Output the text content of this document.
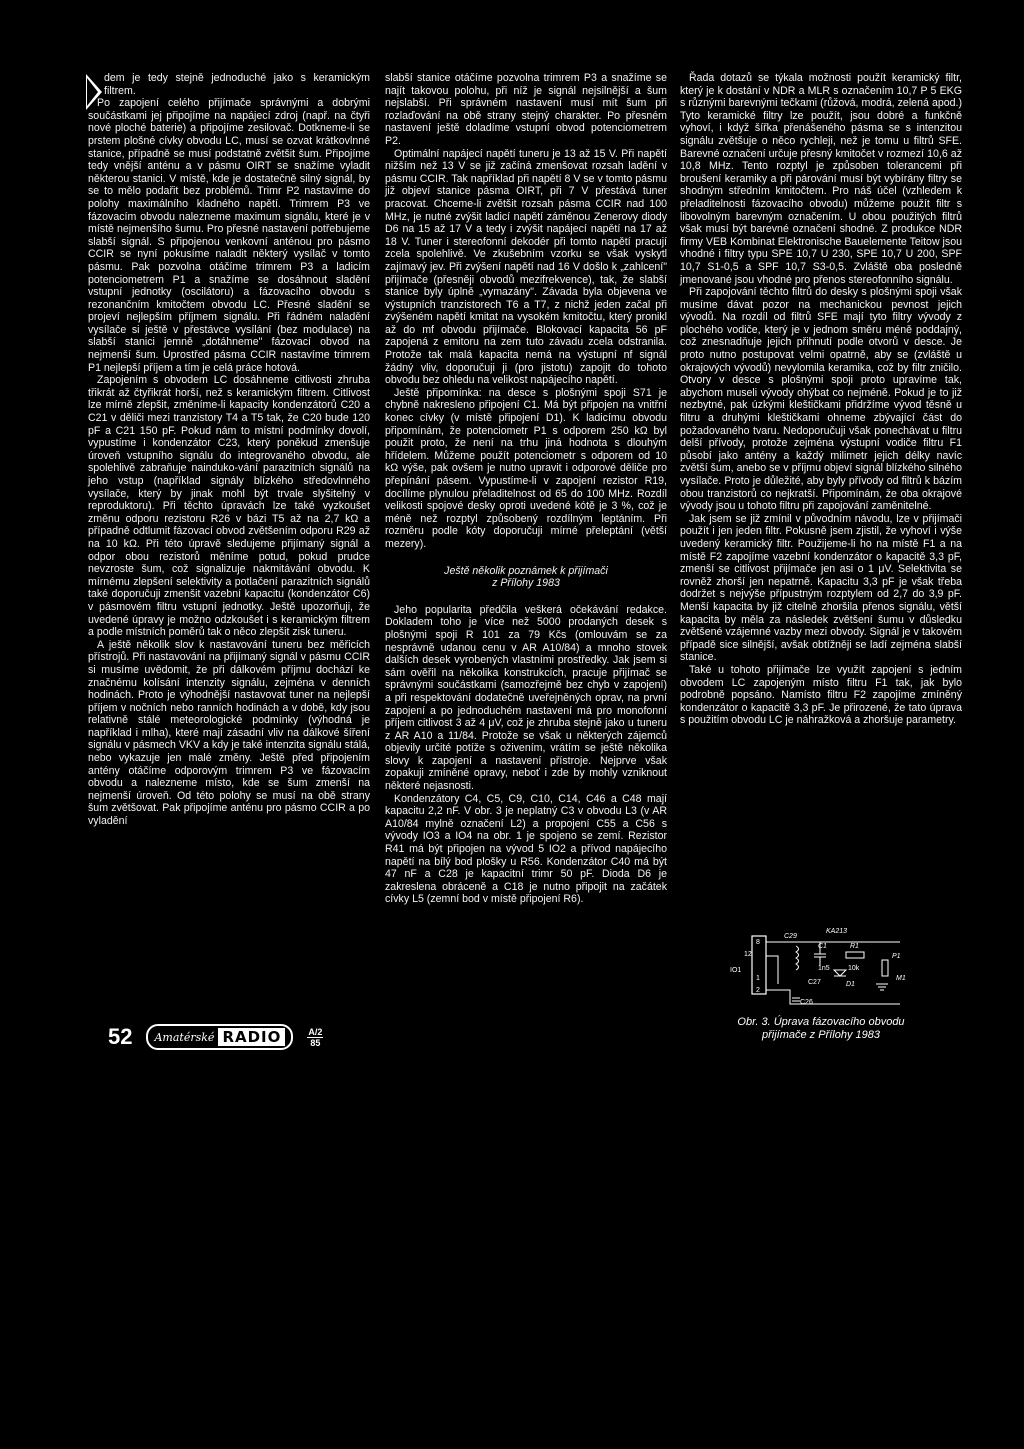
dem je tedy stejně jednoduché jako s keramickým filtrem.

Po zapojení celého přijímače správnými a dobrými součástkami jej připojíme na napájecí zdroj (např. na čtyři nové ploché baterie) a připojíme zesilovač. Dotkneme-li se prstem plošné cívky obvodu LC, musí se ozvat krátkovlnné stanice, případně se musí podstatně zvětšit šum. Připojíme tedy vnější anténu a v pásmu OIRT se snažíme vyladit některou stanici. V místě, kde je dostatečně silný signál, by se to mělo podařit bez problémů. Trimr P2 nastavíme do polohy maximálního kladného napětí. Trimrem P3 ve fázovacím obvodu nalezneme maximum signálu, které je v místě nejmenšího šumu. Pro přesné nastavení potřebujeme slabší signál. S připojenou venkovní anténou pro pásmo CCIR se nyní pokusíme naladit některý vysílač v tomto pásmu. Pak pozvolna otáčíme trimrem P3 a ladicím potenciometrem P1 a snažíme se dosáhnout sladění vstupní jednotky (oscilátoru) a fázovacího obvodu s rezonančním kmitočtem obvodu LC. Přesné sladění se projeví nejlepším příjmem signálu. Při řádném naladění vysílače si ještě v přestávce vysílání (bez modulace) na slabší stanici jemně „dotáhneme" fázovací obvod na nejmenší šum. Uprostřed pásma CCIR nastavíme trimrem P1 nejlepší příjem a tím je celá práce hotová.

Zapojením s obvodem LC dosáhneme citlivosti zhruba třikrát až čtyřikrát horší, než s keramickým filtrem. Citlivost lze mírně zlepšit, změníme-li kapacity kondenzátorů C20 a C21 v děliči mezi tranzistory T4 a T5 tak, že C20 bude 120 pF a C21 150 pF. Pokud nám to místní podmínky dovolí, vypustíme i kondenzátor C23, který poněkud zmenšuje úroveň vstupního signálu do integrovaného obvodu, ale spolehlivě zabraňuje nainduko-vání parazitních signálů na jeho vstup (například signály blízkého středovlnného vysílače, který by jinak mohl být trvale slyšitelný v reproduktoru). Při těchto úpravách lze také vyzkoušet změnu odporu rezistoru R26 v bázi T5 až na 2,7 kΩ a případně odtlumit fázovací obvod zvětšením odporu R29 až na 10 kΩ. Při této úpravě sledujeme přijímaný signál a odpor obou rezistorů měníme potud, pokud prudce nevzroste šum, což signalizuje nakmitávání obvodu. K mírnému zlepšení selektivity a potlačení parazitních signálů také doporučuji zmenšit vazební kapacitu (kondenzátor C6) v pásmovém filtru vstupní jednotky. Ještě upozorňuji, že uvedené úpravy je možno odzkoušet i s keramickým filtrem a podle místních poměrů tak o něco zlepšit zisk tuneru.

A ještě několik slov k nastavování tuneru bez měřicích přístrojů. Při nastavování na přijímaný signál v pásmu CCIR si musíme uvědomit, že při dálkovém příjmu dochází ke značnému kolísání intenzity signálu, zejména v denních hodinách. Proto je výhodnější nastavovat tuner na nejlepší příjem v nočních nebo ranních hodinách a v době, kdy jsou relativně stálé meteorologické podmínky (výhodná je například i mlha), které mají zásadní vliv na dálkové šíření signálu v pásmech VKV a kdy je také intenzita signálu stálá, nebo vykazuje jen malé změny. Ještě před připojením antény otáčíme odporovým trimrem P3 ve fázovacím obvodu a nalezneme místo, kde se šum zmenší na nejmenší úroveň. Od této polohy se musí na obě strany šum zvětšovat. Pak připojíme anténu pro pásmo CCIR a po vyladění

slabší stanice otáčíme pozvolna trimrem P3 a snažíme se najít takovou polohu, při níž je signál nejsilnější a šum nejslabší. Při správném nastavení musí mít šum při rozlaďování na obě strany stejný charakter. Po přesném nastavení ještě doladíme vstupní obvod potenciometrem P2.

Optimální napájecí napětí tuneru je 13 až 15 V. Při napětí nižším než 13 V se již začíná zmenšovat rozsah ladění v pásmu CCIR. Tak například při napětí 8 V se v tomto pásmu již objeví stanice pásma OIRT, při 7 V přestává tuner pracovat. Chceme-li zvětšit rozsah pásma CCIR nad 100 MHz, je nutné zvýšit ladicí napětí záměnou Zenerovy diody D6 na 15 až 17 V a tedy i zvýšit napájecí napětí na 17 až 18 V. Tuner i stereofonní dekodér při tomto napětí pracují zcela spolehlivě. Ve zkušebním vzorku se však vyskytl zajímavý jev. Při zvýšení napětí nad 16 V došlo k „zahlcení" přijímače (přesněji obvodů mezifrekvence), tak, že slabší stanice byly úplně „vymazány". Závada byla objevena ve výstupních tranzistorech T6 a T7, z nichž jeden začal při zvýšeném napětí kmitat na vysokém kmitočtu, který pronikl až do mf obvodu přijímače. Blokovací kapacita 56 pF zapojená z emitoru na zem tuto závadu zcela odstranila. Protože tak malá kapacita nemá na výstupní nf signál žádný vliv, doporučuji ji (pro jistotu) zapojit do tohoto obvodu bez ohledu na velikost napájecího napětí.

Ještě připomínka: na desce s plošnými spoji S71 je chybně nakresleno připojení C1. Má být připojen na vnitřní konec cívky (v místě připojení D1). K ladicímu obvodu připomínám, že potenciometr P1 s odporem 250 kΩ byl použit proto, že není na trhu jiná hodnota s dlouhým hřídelem. Můžeme použít potenciometr s odporem od 10 kΩ výše, pak ovšem je nutno upravit i odporové děliče pro přepínání pásem. Vypustíme-li v zapojení rezistor R19, docílíme plynulou přeladitelnost od 65 do 100 MHz. Rozdíl velikosti spojové desky oproti uvedené kótě je 3 %, což je méně než rozptyl způsobený rozdílným leptáním. Při rozměru podle kóty doporučuji mírné přeleptání (větší mezery).

Ještě několik poznámek k přijímači
z Přílohy 1983

Jeho popularita předčila veškerá očekávání redakce. Dokladem toho je více než 5000 prodaných desek s plošnými spoji R 101 za 79 Kčs (omlouvám se za nesprávně udanou cenu v AR A10/84) a mnoho stovek dalších desek vyrobených vlastními prostředky. Jak jsem si sám ověřil na několika konstrukcích, pracuje přijímač se správnými součástkami (samozřejmě bez chyb v zapojení) a při respektování dodatečně uveřejněných oprav, na první zapojení a po jednoduchém nastavení má pro monofonní příjem citlivost 3 až 4 μV, což je zhruba stejně jako u tuneru z AR A10 a 11/84. Protože se však u některých zájemců objevily určité potíže s oživením, vrátím se ještě několika slovy k zapojení a nastavení přístroje. Nejprve však zopakuji zmíněné opravy, neboť i zde by mohly vzniknout některé nejasnosti.

Kondenzátory C4, C5, C9, C10, C14, C46 a C48 mají kapacitu 2,2 nF. V obr. 3 je neplatný C3 v obvodu L3 (v AR A10/84 mylně označení L2) a propojení C55 a C56 s vývody IO3 a IO4 na obr. 1 je spojeno se zemí. Rezistor R41 má být připojen na vývod 5 IO2 a přívod napájecího napětí na bílý bod plošky u R56. Kondenzátor C40 má být 47 nF a C28 je kapacitní trimr 50 pF. Dioda D6 je zakreslena obráceně a C18 je nutno připojit na začátek cívky L5 (zemní bod v místě připojení R6).

Řada dotazů se týkala možnosti použít keramický filtr, který je k dostání v NDR a MLR s označením 10,7 P 5 EKG s různými barevnými tečkami (růžová, modrá, zelená apod.) Tyto keramické filtry lze použít, jsou dobré a funkčně vyhoví, i když šířka přenášeného pásma se s intenzitou signálu zvětšuje o něco rychleji, než je tomu u filtrů SFE. Barevné označení určuje přesný kmitočet v rozmezí 10,6 až 10,8 MHz. Tento rozptyl je způsoben tolerancemi při broušení keramiky a při párování musí být vybírány filtry se shodným středním kmitočtem. Pro náš účel (vzhledem k přeladitelnosti fázovacího obvodu) můžeme použít filtr s libovolným barevným označením. U obou použitých filtrů však musí být barevné označení shodné. Z produkce NDR firmy VEB Kombinat Elektronische Bauelemente Teitow jsou vhodné i filtry typu SPE 10,7 U 230, SPE 10,7 U 200, SPF 10,7 S1-0,5 a SPF 10,7 S3-0,5. Zvláště oba posledně jmenované jsou vhodné pro přenos stereofonního signálu.

Při zapojování těchto filtrů do desky s plošnými spoji však musíme dávat pozor na mechanickou pevnost jejich vývodů. Na rozdíl od filtrů SFE mají tyto filtry vývody z plochého vodiče, který je v jednom směru méně poddajný, což znesnadňuje jejich přihnutí podle otvorů v desce. Je proto nutno postupovat velmi opatrně, aby se (zvláště u okrajových vývodů) nevylomila keramika, což by filtr zničilo. Otvory v desce s plošnými spoji proto upravíme tak, abychom museli vývody ohýbat co nejméně. Pokud je to již nezbytné, pak úzkými kleštičkami přidržíme vývod těsně u filtru a druhými kleštičkami ohneme zbývající část do požadovaného tvaru. Nedoporučuji však ponechávat u filtru delší přívody, protože zejména výstupní vodiče filtru F1 působí jako antény a každý milimetr jejich délky navíc zvětší šum, anebo se v příjmu objeví signál blízkého silného vysílače. Proto je důležité, aby byly přívody od filtrů k bázím obou tranzistorů co nejkratší. Připomínám, že oba okrajové vývody jsou u tohoto filtru při zapojování zaměnitelné.

Jak jsem se již zmínil v původním návodu, lze v přijímači použít i jen jeden filtr. Pokusně jsem zjistil, že vyhoví i výše uvedený keramický filtr. Použijeme-li ho na místě F1 a na místě F2 zapojíme vazební kondenzátor o kapacitě 3,3 pF, zmenší se citlivost přijímače jen asi o 1 μV. Selektivita se rovněž zhorší jen nepatrně. Kapacitu 3,3 pF je však třeba dodržet s nejvýše přípustným rozptylem od 2,7 do 3,9 pF. Menší kapacita by již citelně zhoršila přenos signálu, větší kapacita by měla za následek zvětšení šumu v důsledku zvětšené vzájemné vazby mezi obvody. Signál je v takovém případě sice silnější, avšak obtížněji se ladí zejména slabší stanice.

Také u tohoto přijímače lze využít zapojení s jedním obvodem LC zapojeným místo filtru F1 tak, jak bylo podrobně popsáno. Namísto filtru F2 zapojíme zmíněný kondenzátor o kapacitě 3,3 pF. Je přirozené, že tato úprava s použitím obvodu LC je náhražková a zhoršuje parametry.

KA213
IO1
8
12
1
2
C29
C1
1n5
R1
10k
P1
C27	D1
M1
C26
Obr. 3. Úprava fázovacího obvodu
přijímače z Přílohy 1983
52 Amatérské RADIO	A/2
85
